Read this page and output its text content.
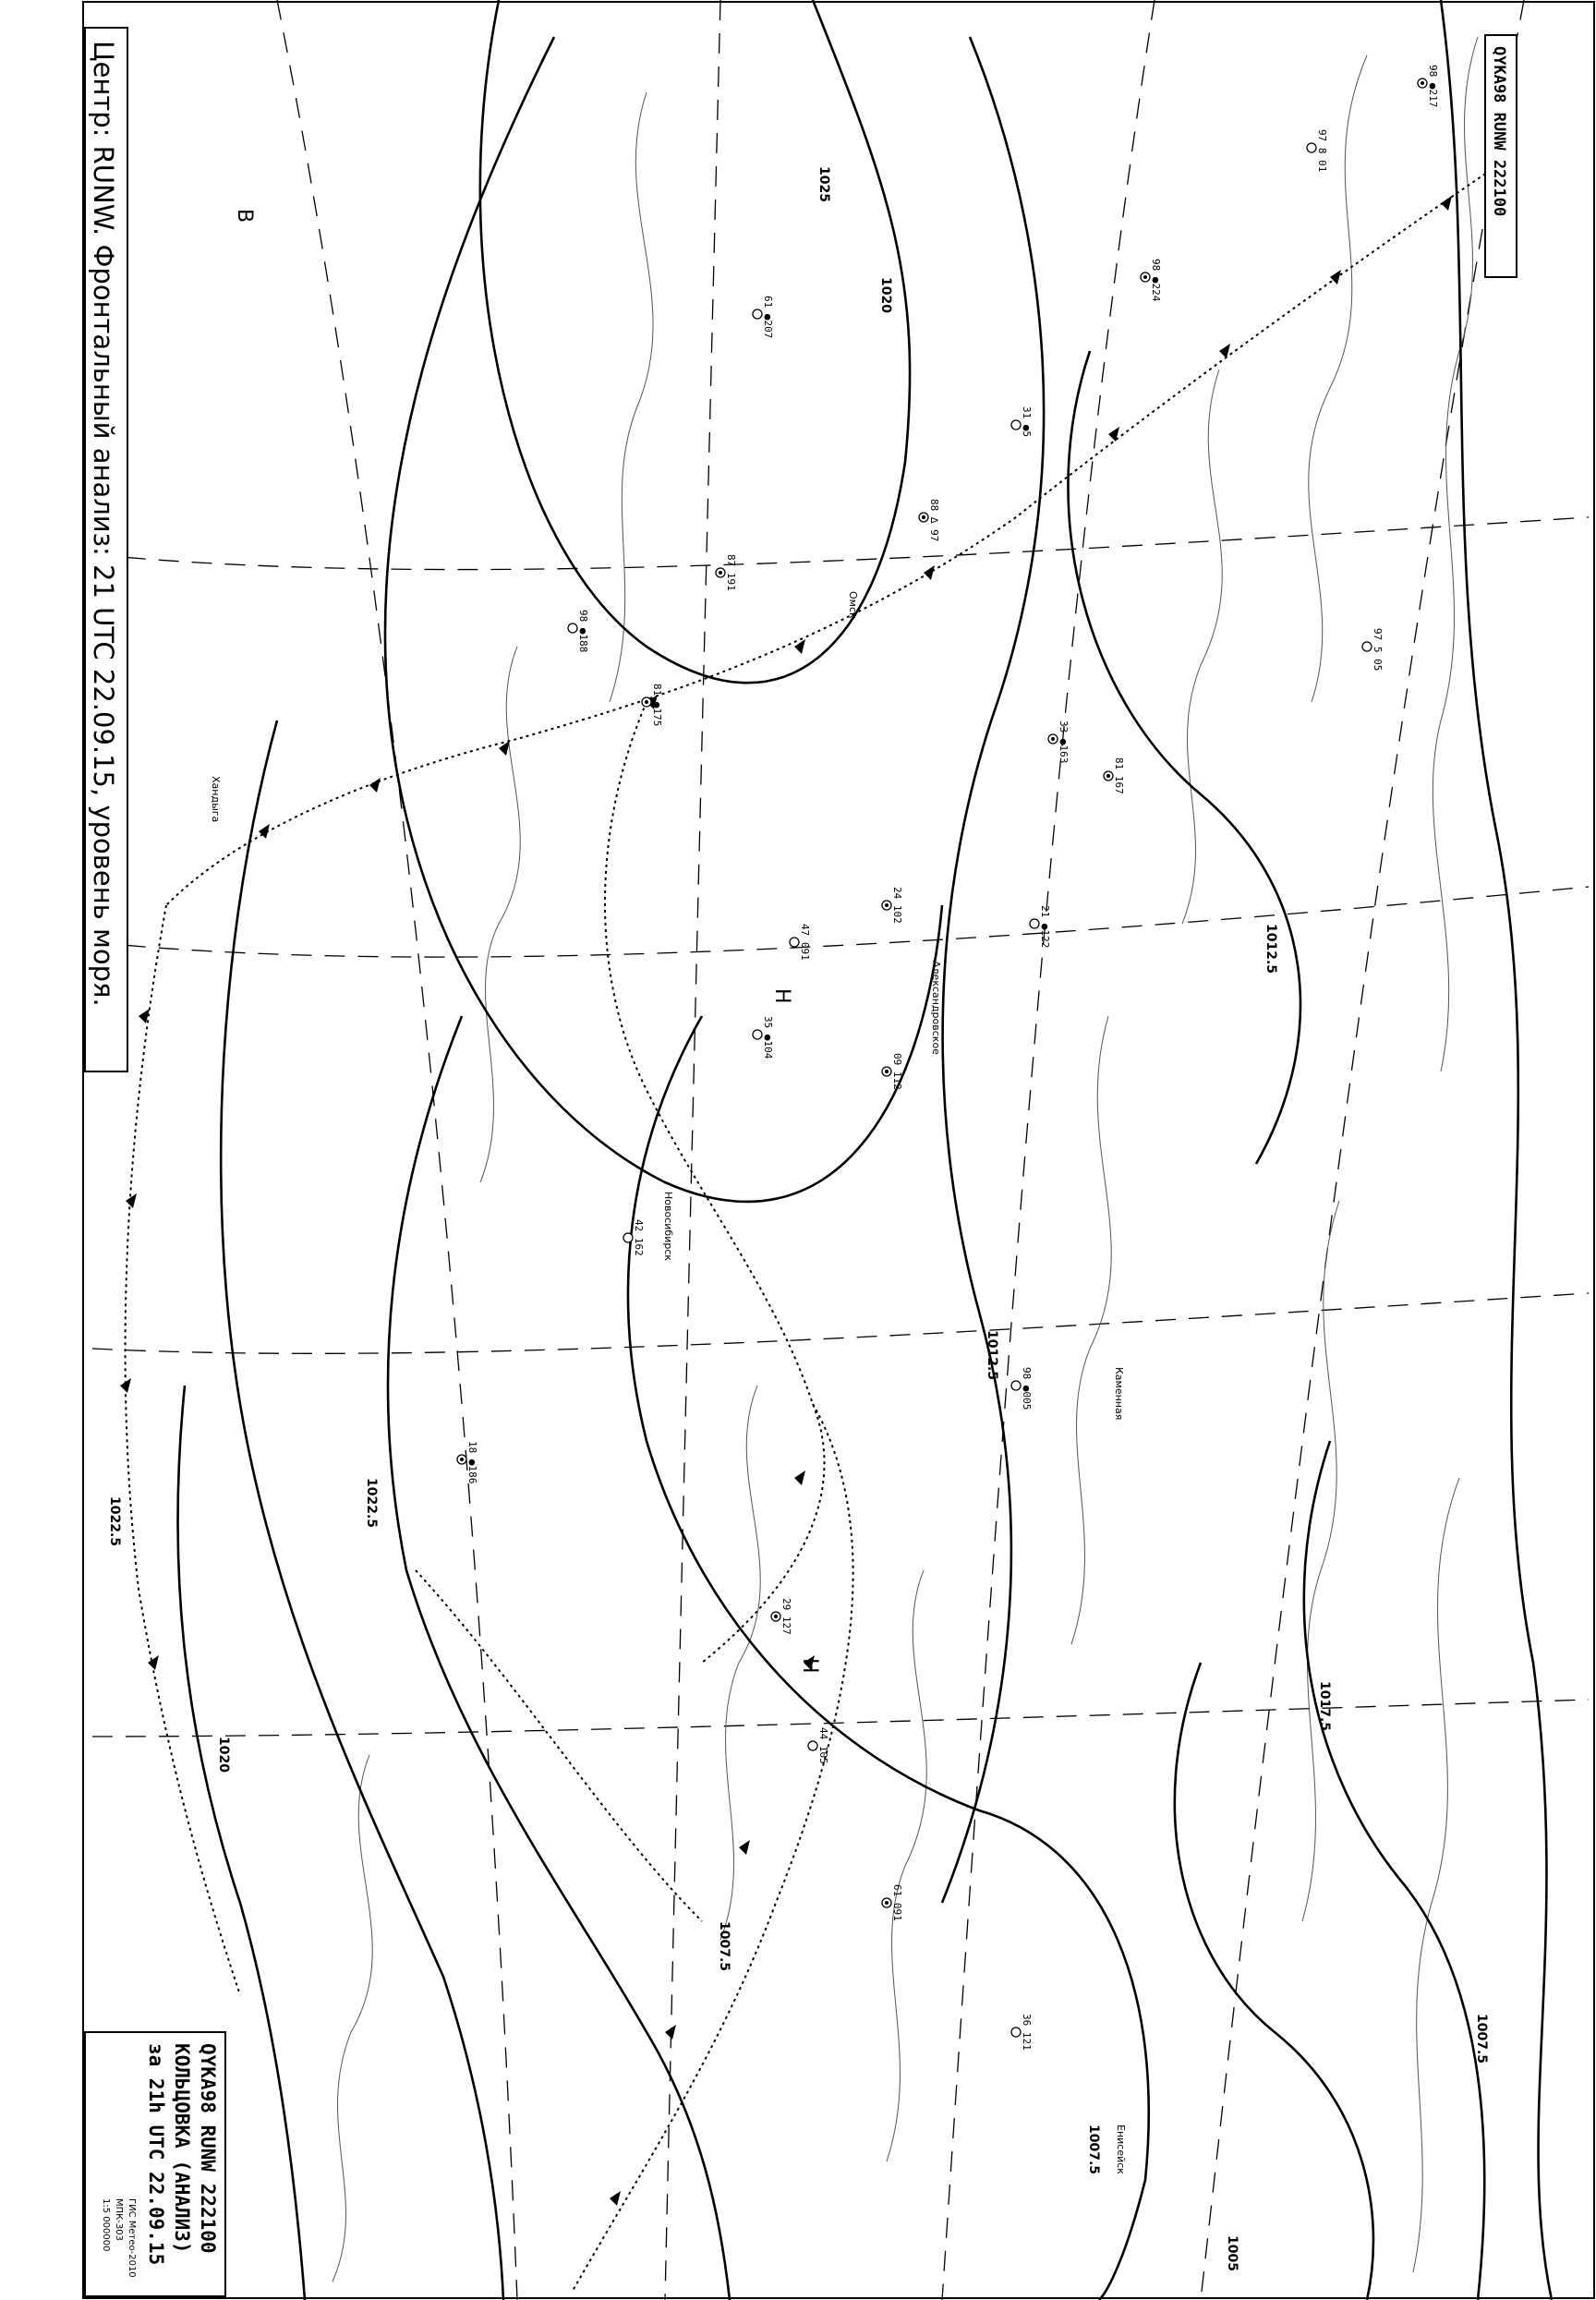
1020
1025
1022.5
1012.5
1017.5
1007.5
1005
1020
1022.5
1012.5
1007.5
1007.5
Н
Н
В
Новосибирск
Александровское
Каменная
Омск
Енисейск
Хандыга
98 ●217
97 8 01
98 ●224
31 ●5
97 5 05
88 ∆ 97
61 ●207
87 191
98 ●188
81 ●175
47 091
24 102
35 ●104
81 167
21 ●122
33 ●163
42 162
09 112
98 ●005
29 127
44 105
61 091
36 121
18 ●186
Центр: RUNW. Фронтальный анализ: 21 UTC 22.09.15, уровень моря.	QYKA98 RUNW 222100
QYKA98 RUNW 222100
КОЛЬЦОВКА (АНАЛИЗ)
за 21h UTC 22.09.15
ГИС Метео-2010
МПК-303
1:5 000000
